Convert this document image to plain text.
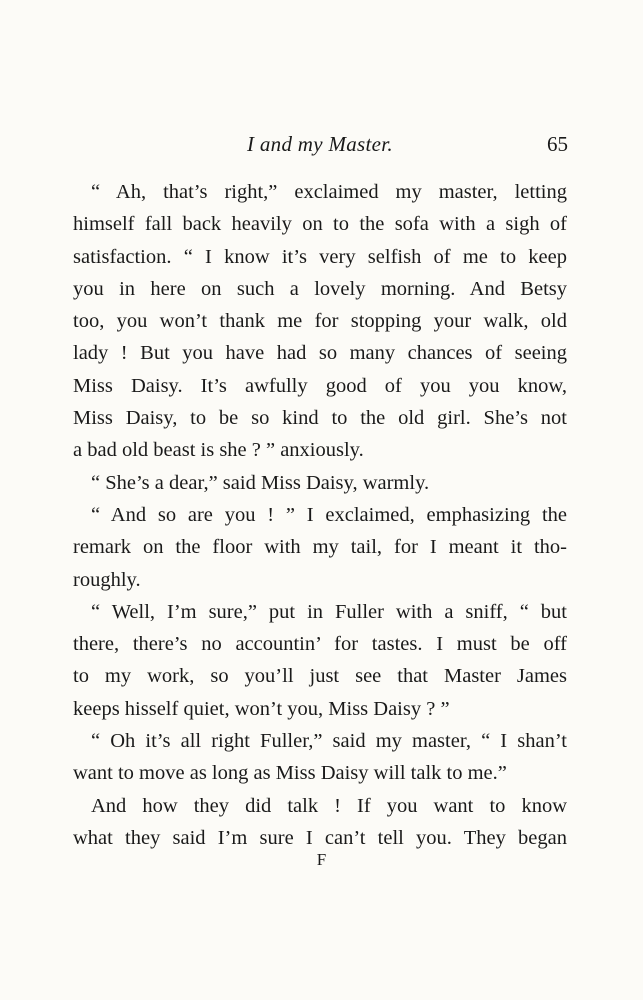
I and my Master.	65
“ Ah, that’s right,” exclaimed my master, letting
himself fall back heavily on to the sofa with a sigh of
satisfaction. “ I know it’s very selfish of me to keep
you in here on such a lovely morning. And Betsy
too, you won’t thank me for stopping your walk, old
lady ! But you have had so many chances of seeing
Miss Daisy. It’s awfully good of you you know,
Miss Daisy, to be so kind to the old girl. She’s not
a bad old beast is she ? ” anxiously.
“ She’s a dear,” said Miss Daisy, warmly.
“ And so are you ! ” I exclaimed, emphasizing the
remark on the floor with my tail, for I meant it tho-
roughly.
“ Well, I’m sure,” put in Fuller with a sniff, “ but
there, there’s no accountin’ for tastes. I must be off
to my work, so you’ll just see that Master James
keeps hisself quiet, won’t you, Miss Daisy ? ”
“ Oh it’s all right Fuller,” said my master, “ I shan’t
want to move as long as Miss Daisy will talk to me.”
And how they did talk ! If you want to know
what they said I’m sure I can’t tell you. They began
F
